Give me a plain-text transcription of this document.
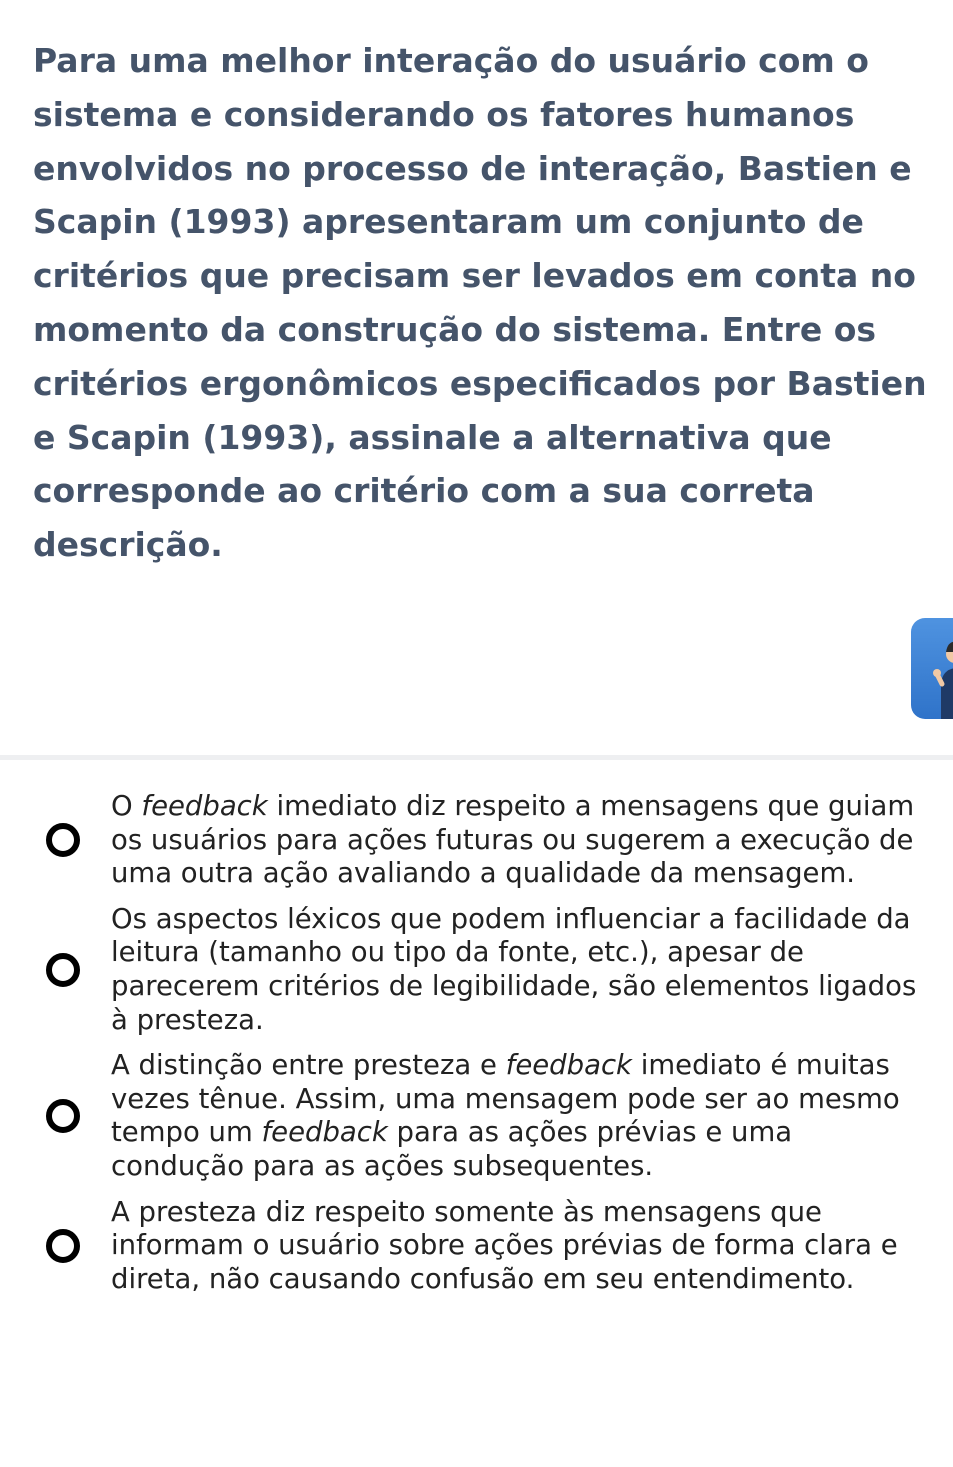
Para uma melhor interação do usuário com o sistema e considerando os fatores humanos envolvidos no processo de interação, Bastien e Scapin (1993) apresentaram um conjunto de critérios que precisam ser levados em conta no momento da construção do sistema. Entre os critérios ergonômicos especificados por Bastien e Scapin (1993), assinale a alternativa que corresponde ao critério com a sua correta descrição.

O feedback imediato diz respeito a mensagens que guiam os usuários para ações futuras ou sugerem a execução de uma outra ação avaliando a qualidade da mensagem.
Os aspectos léxicos que podem influenciar a facilidade da leitura (tamanho ou tipo da fonte, etc.), apesar de parecerem critérios de legibilidade, são elementos ligados à presteza.
A distinção entre presteza e feedback imediato é muitas vezes tênue. Assim, uma mensagem pode ser ao mesmo tempo um feedback para as ações prévias e uma condução para as ações subsequentes.
A presteza diz respeito somente às mensagens que informam o usuário sobre ações prévias de forma clara e direta, não causando confusão em seu entendimento.
